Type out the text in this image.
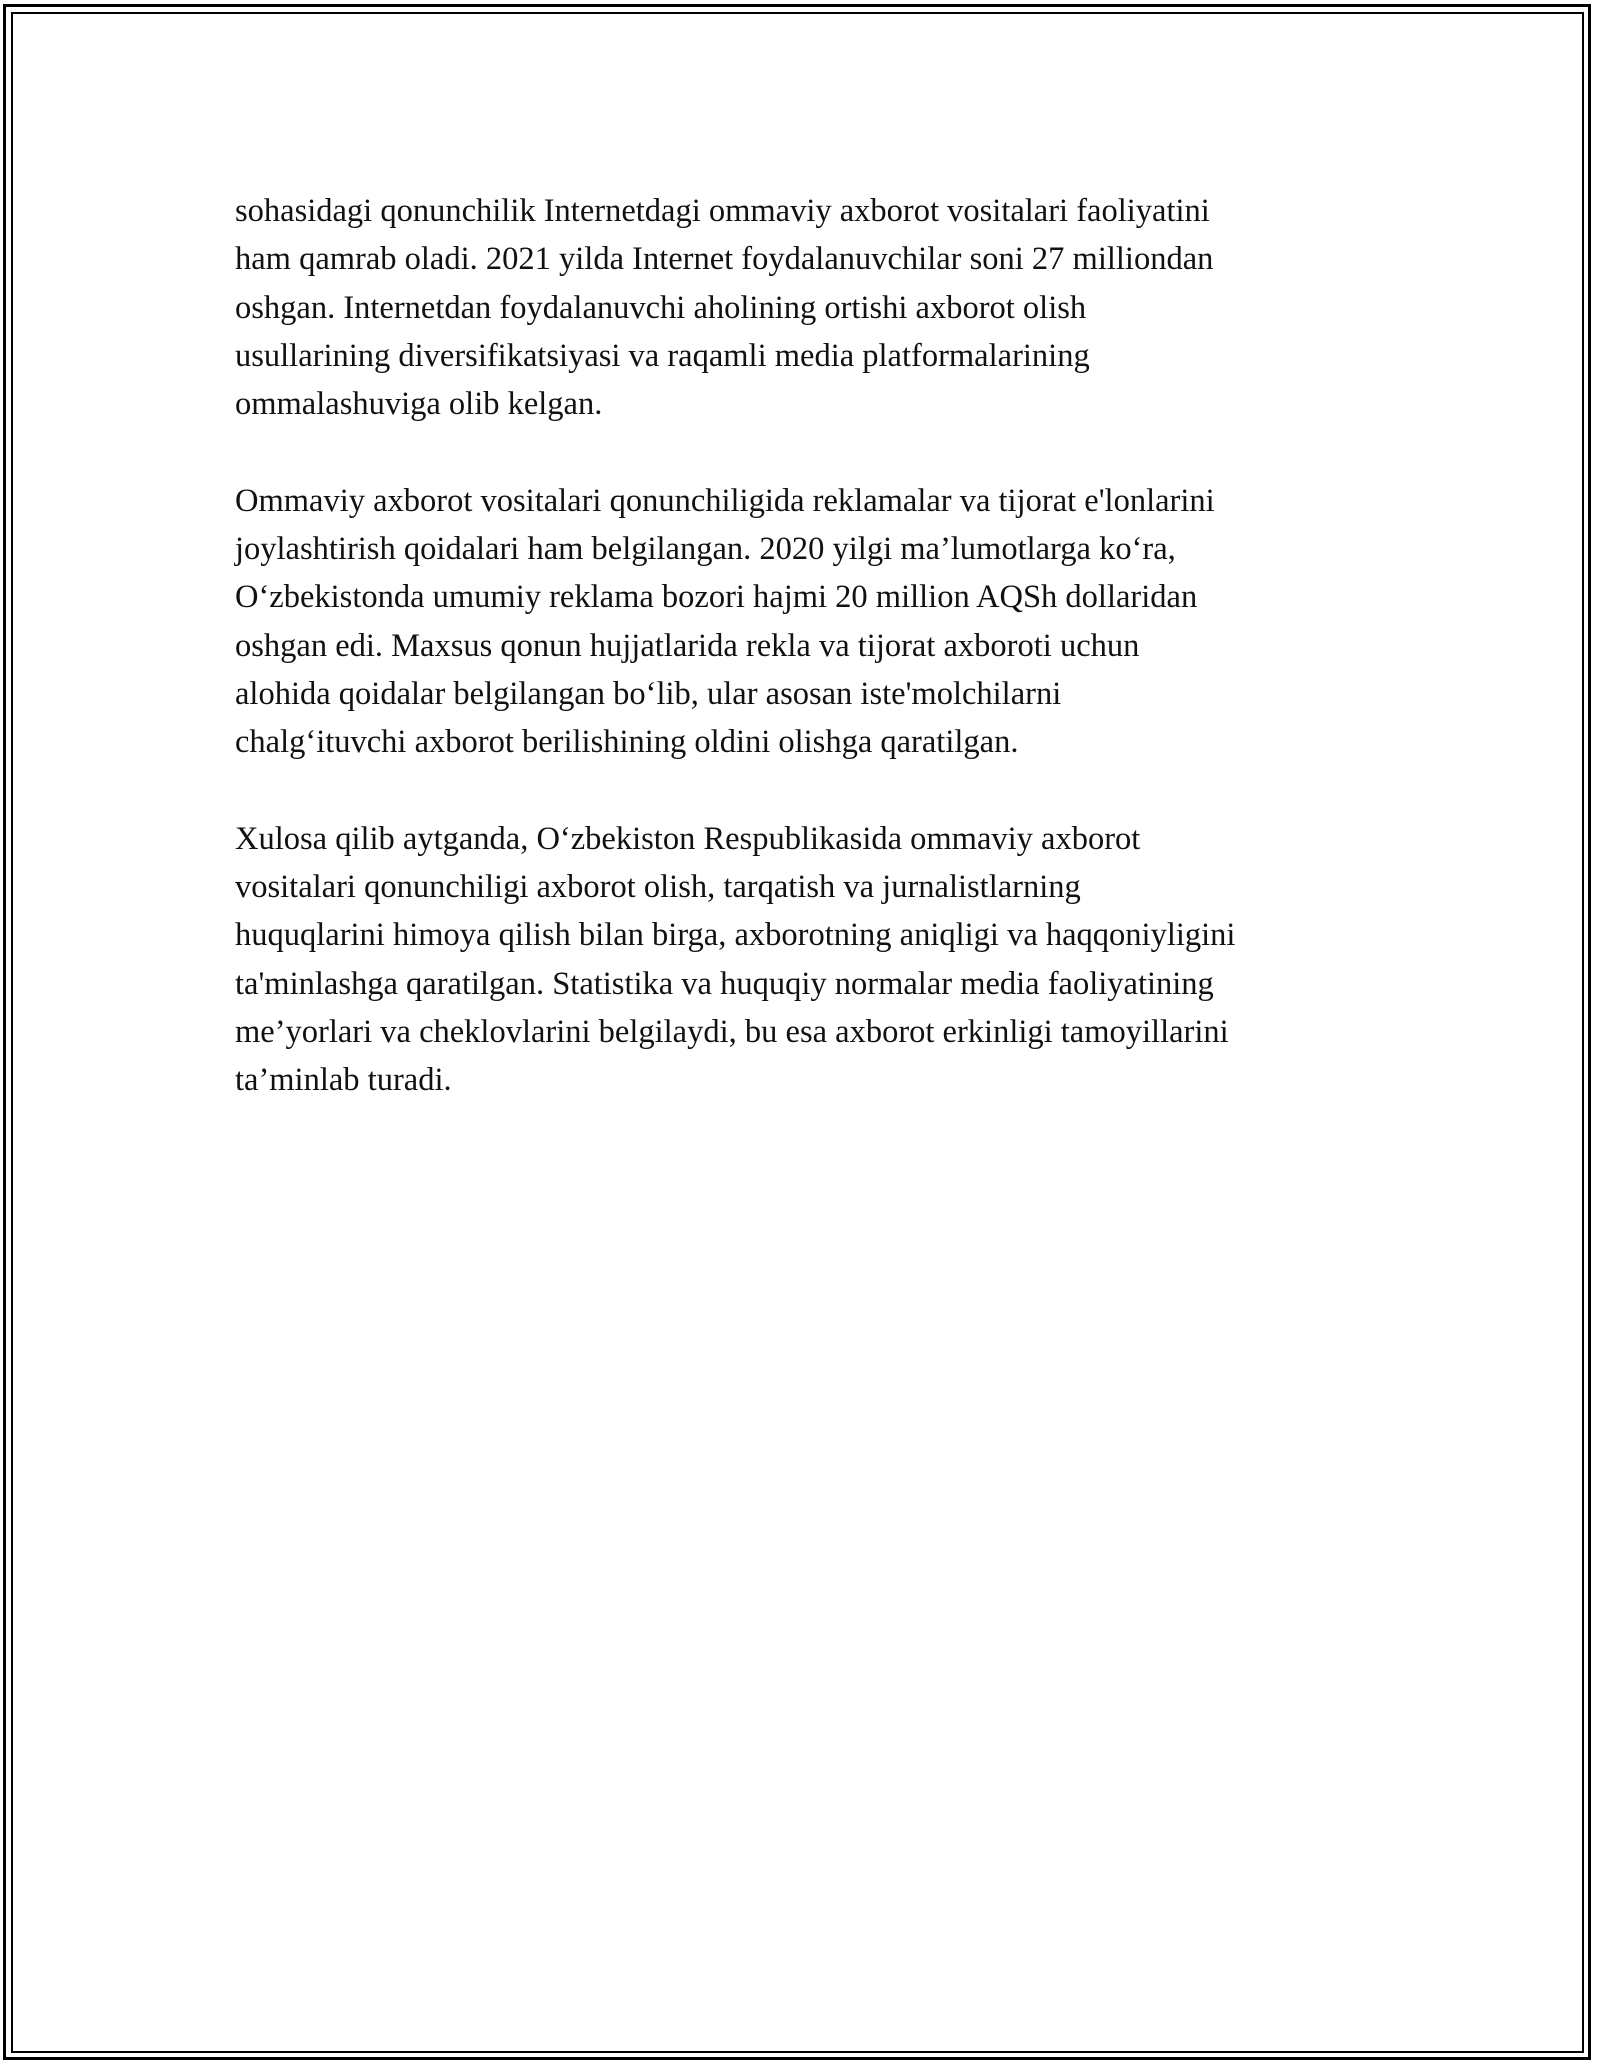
sohasidagi qonunchilik Internetdagi ommaviy axborot vositalari faoliyatini
ham qamrab oladi. 2021 yilda Internet foydalanuvchilar soni 27 milliondan
oshgan. Internetdan foydalanuvchi aholining ortishi axborot olish
usullarining diversifikatsiyasi va raqamli media platformalarining
ommalashuviga olib kelgan.

Ommaviy axborot vositalari qonunchiligida reklamalar va tijorat e'lonlarini
joylashtirish qoidalari ham belgilangan. 2020 yilgi ma’lumotlarga ko‘ra,
O‘zbekistonda umumiy reklama bozori hajmi 20 million AQSh dollaridan
oshgan edi. Maxsus qonun hujjatlarida rekla va tijorat axboroti uchun
alohida qoidalar belgilangan bo‘lib, ular asosan iste'molchilarni
chalg‘ituvchi axborot berilishining oldini olishga qaratilgan.

Xulosa qilib aytganda, O‘zbekiston Respublikasida ommaviy axborot
vositalari qonunchiligi axborot olish, tarqatish va jurnalistlarning
huquqlarini himoya qilish bilan birga, axborotning aniqligi va haqqoniyligini
ta'minlashga qaratilgan. Statistika va huquqiy normalar media faoliyatining
me’yorlari va cheklovlarini belgilaydi, bu esa axborot erkinligi tamoyillarini
ta’minlab turadi.
